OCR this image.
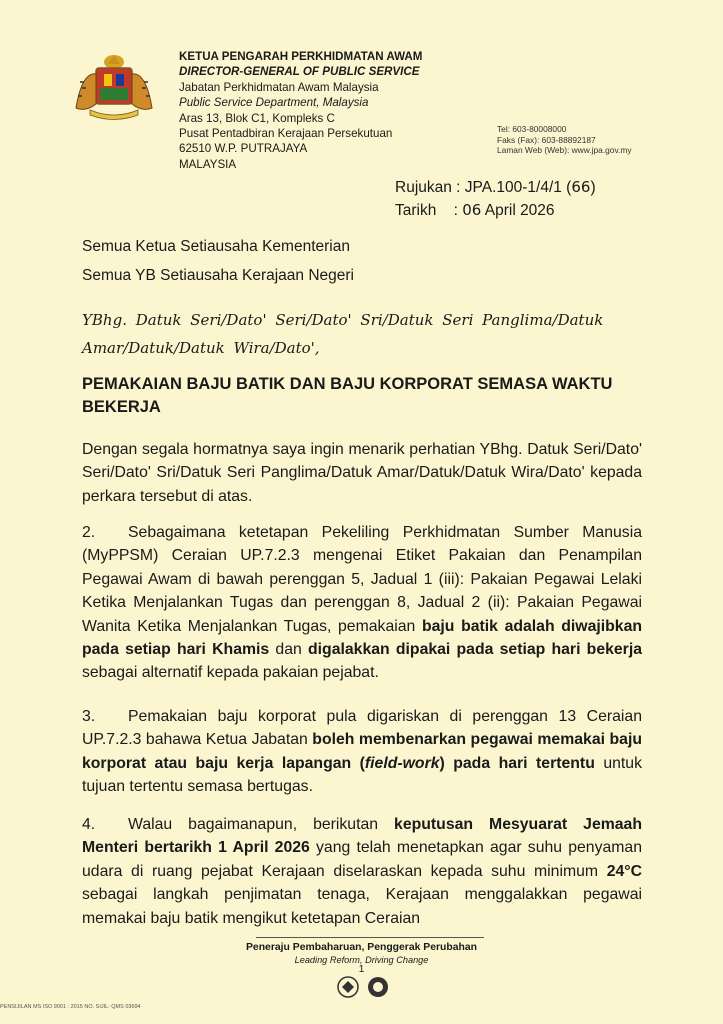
KETUA PENGARAH PERKHIDMATAN AWAM
DIRECTOR-GENERAL OF PUBLIC SERVICE
Jabatan Perkhidmatan Awam Malaysia
Public Service Department, Malaysia
Aras 13, Blok C1, Kompleks C
Pusat Pentadbiran Kerajaan Persekutuan
62510 W.P. PUTRAJAYA
MALAYSIA
Tel: 603-80008000
Faks (Fax): 603-88892187
Laman Web (Web): www.jpa.gov.my
Rujukan : JPA.100-1/4/1 (66)
Tarikh    : 06 April 2026
Semua Ketua Setiausaha Kementerian
Semua YB Setiausaha Kerajaan Negeri
YBhg. Datuk Seri/Dato' Seri/Dato' Sri/Datuk Seri Panglima/Datuk Amar/Datuk/Datuk Wira/Dato',
PEMAKAIAN BAJU BATIK DAN BAJU KORPORAT SEMASA WAKTU BEKERJA
Dengan segala hormatnya saya ingin menarik perhatian YBhg. Datuk Seri/Dato' Seri/Dato' Sri/Datuk Seri Panglima/Datuk Amar/Datuk/Datuk Wira/Dato' kepada perkara tersebut di atas.
2. Sebagaimana ketetapan Pekeliling Perkhidmatan Sumber Manusia (MyPPSM) Ceraian UP.7.2.3 mengenai Etiket Pakaian dan Penampilan Pegawai Awam di bawah perenggan 5, Jadual 1 (iii): Pakaian Pegawai Lelaki Ketika Menjalankan Tugas dan perenggan 8, Jadual 2 (ii): Pakaian Pegawai Wanita Ketika Menjalankan Tugas, pemakaian baju batik adalah diwajibkan pada setiap hari Khamis dan digalakkan dipakai pada setiap hari bekerja sebagai alternatif kepada pakaian pejabat.
3. Pemakaian baju korporat pula digariskan di perenggan 13 Ceraian UP.7.2.3 bahawa Ketua Jabatan boleh membenarkan pegawai memakai baju korporat atau baju kerja lapangan (field-work) pada hari tertentu untuk tujuan tertentu semasa bertugas.
4. Walau bagaimanapun, berikutan keputusan Mesyuarat Jemaah Menteri bertarikh 1 April 2026 yang telah menetapkan agar suhu penyaman udara di ruang pejabat Kerajaan diselaraskan kepada suhu minimum 24°C sebagai langkah penjimatan tenaga, Kerajaan menggalakkan pegawai memakai baju batik mengikut ketetapan Ceraian
Peneraju Pembaharuan, Penggerak Perubahan
Leading Reform, Driving Change
1
PENSIJILAN MS ISO 9001 : 2015 NO. SIJIL: QMS 03694
